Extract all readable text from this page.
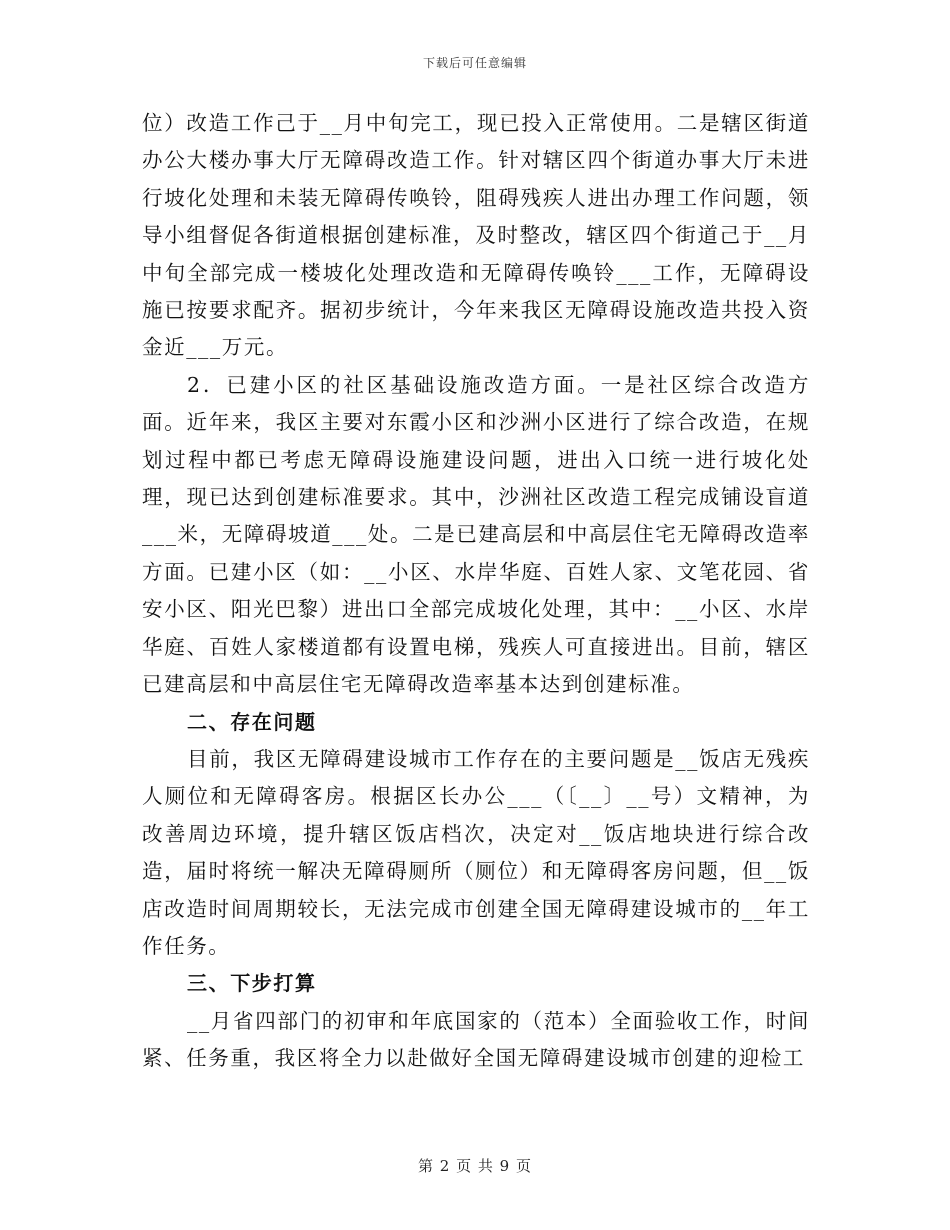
下载后可任意编辑

位）改造工作己于__月中旬完工，现已投入正常使用。二是辖区街道办公大楼办事大厅无障碍改造工作。针对辖区四个街道办事大厅未进行坡化处理和未装无障碍传唤铃，阻碍残疾人进出办理工作问题，领导小组督促各街道根据创建标准，及时整改，辖区四个街道己于__月中旬全部完成一楼坡化处理改造和无障碍传唤铃___工作，无障碍设施已按要求配齐。据初步统计，今年来我区无障碍设施改造共投入资金近___万元。

2．已建小区的社区基础设施改造方面。一是社区综合改造方面。近年来，我区主要对东霞小区和沙洲小区进行了综合改造，在规划过程中都已考虑无障碍设施建设问题，进出入口统一进行坡化处理，现已达到创建标准要求。其中，沙洲社区改造工程完成铺设盲道___米，无障碍坡道___处。二是已建高层和中高层住宅无障碍改造率方面。已建小区（如：__小区、水岸华庭、百姓人家、文笔花园、省安小区、阳光巴黎）进出口全部完成坡化处理，其中：__小区、水岸华庭、百姓人家楼道都有设置电梯，残疾人可直接进出。目前，辖区已建高层和中高层住宅无障碍改造率基本达到创建标准。

二、存在问题

目前，我区无障碍建设城市工作存在的主要问题是__饭店无残疾人厕位和无障碍客房。根据区长办公___（〔__〕__号）文精神，为改善周边环境，提升辖区饭店档次，决定对__饭店地块进行综合改造，届时将统一解决无障碍厕所（厕位）和无障碍客房问题，但__饭店改造时间周期较长，无法完成市创建全国无障碍建设城市的__年工作任务。

三、下步打算

__月省四部门的初审和年底国家的（范本）全面验收工作，时间紧、任务重，我区将全力以赴做好全国无障碍建设城市创建的迎检工

第 2 页 共 9 页
